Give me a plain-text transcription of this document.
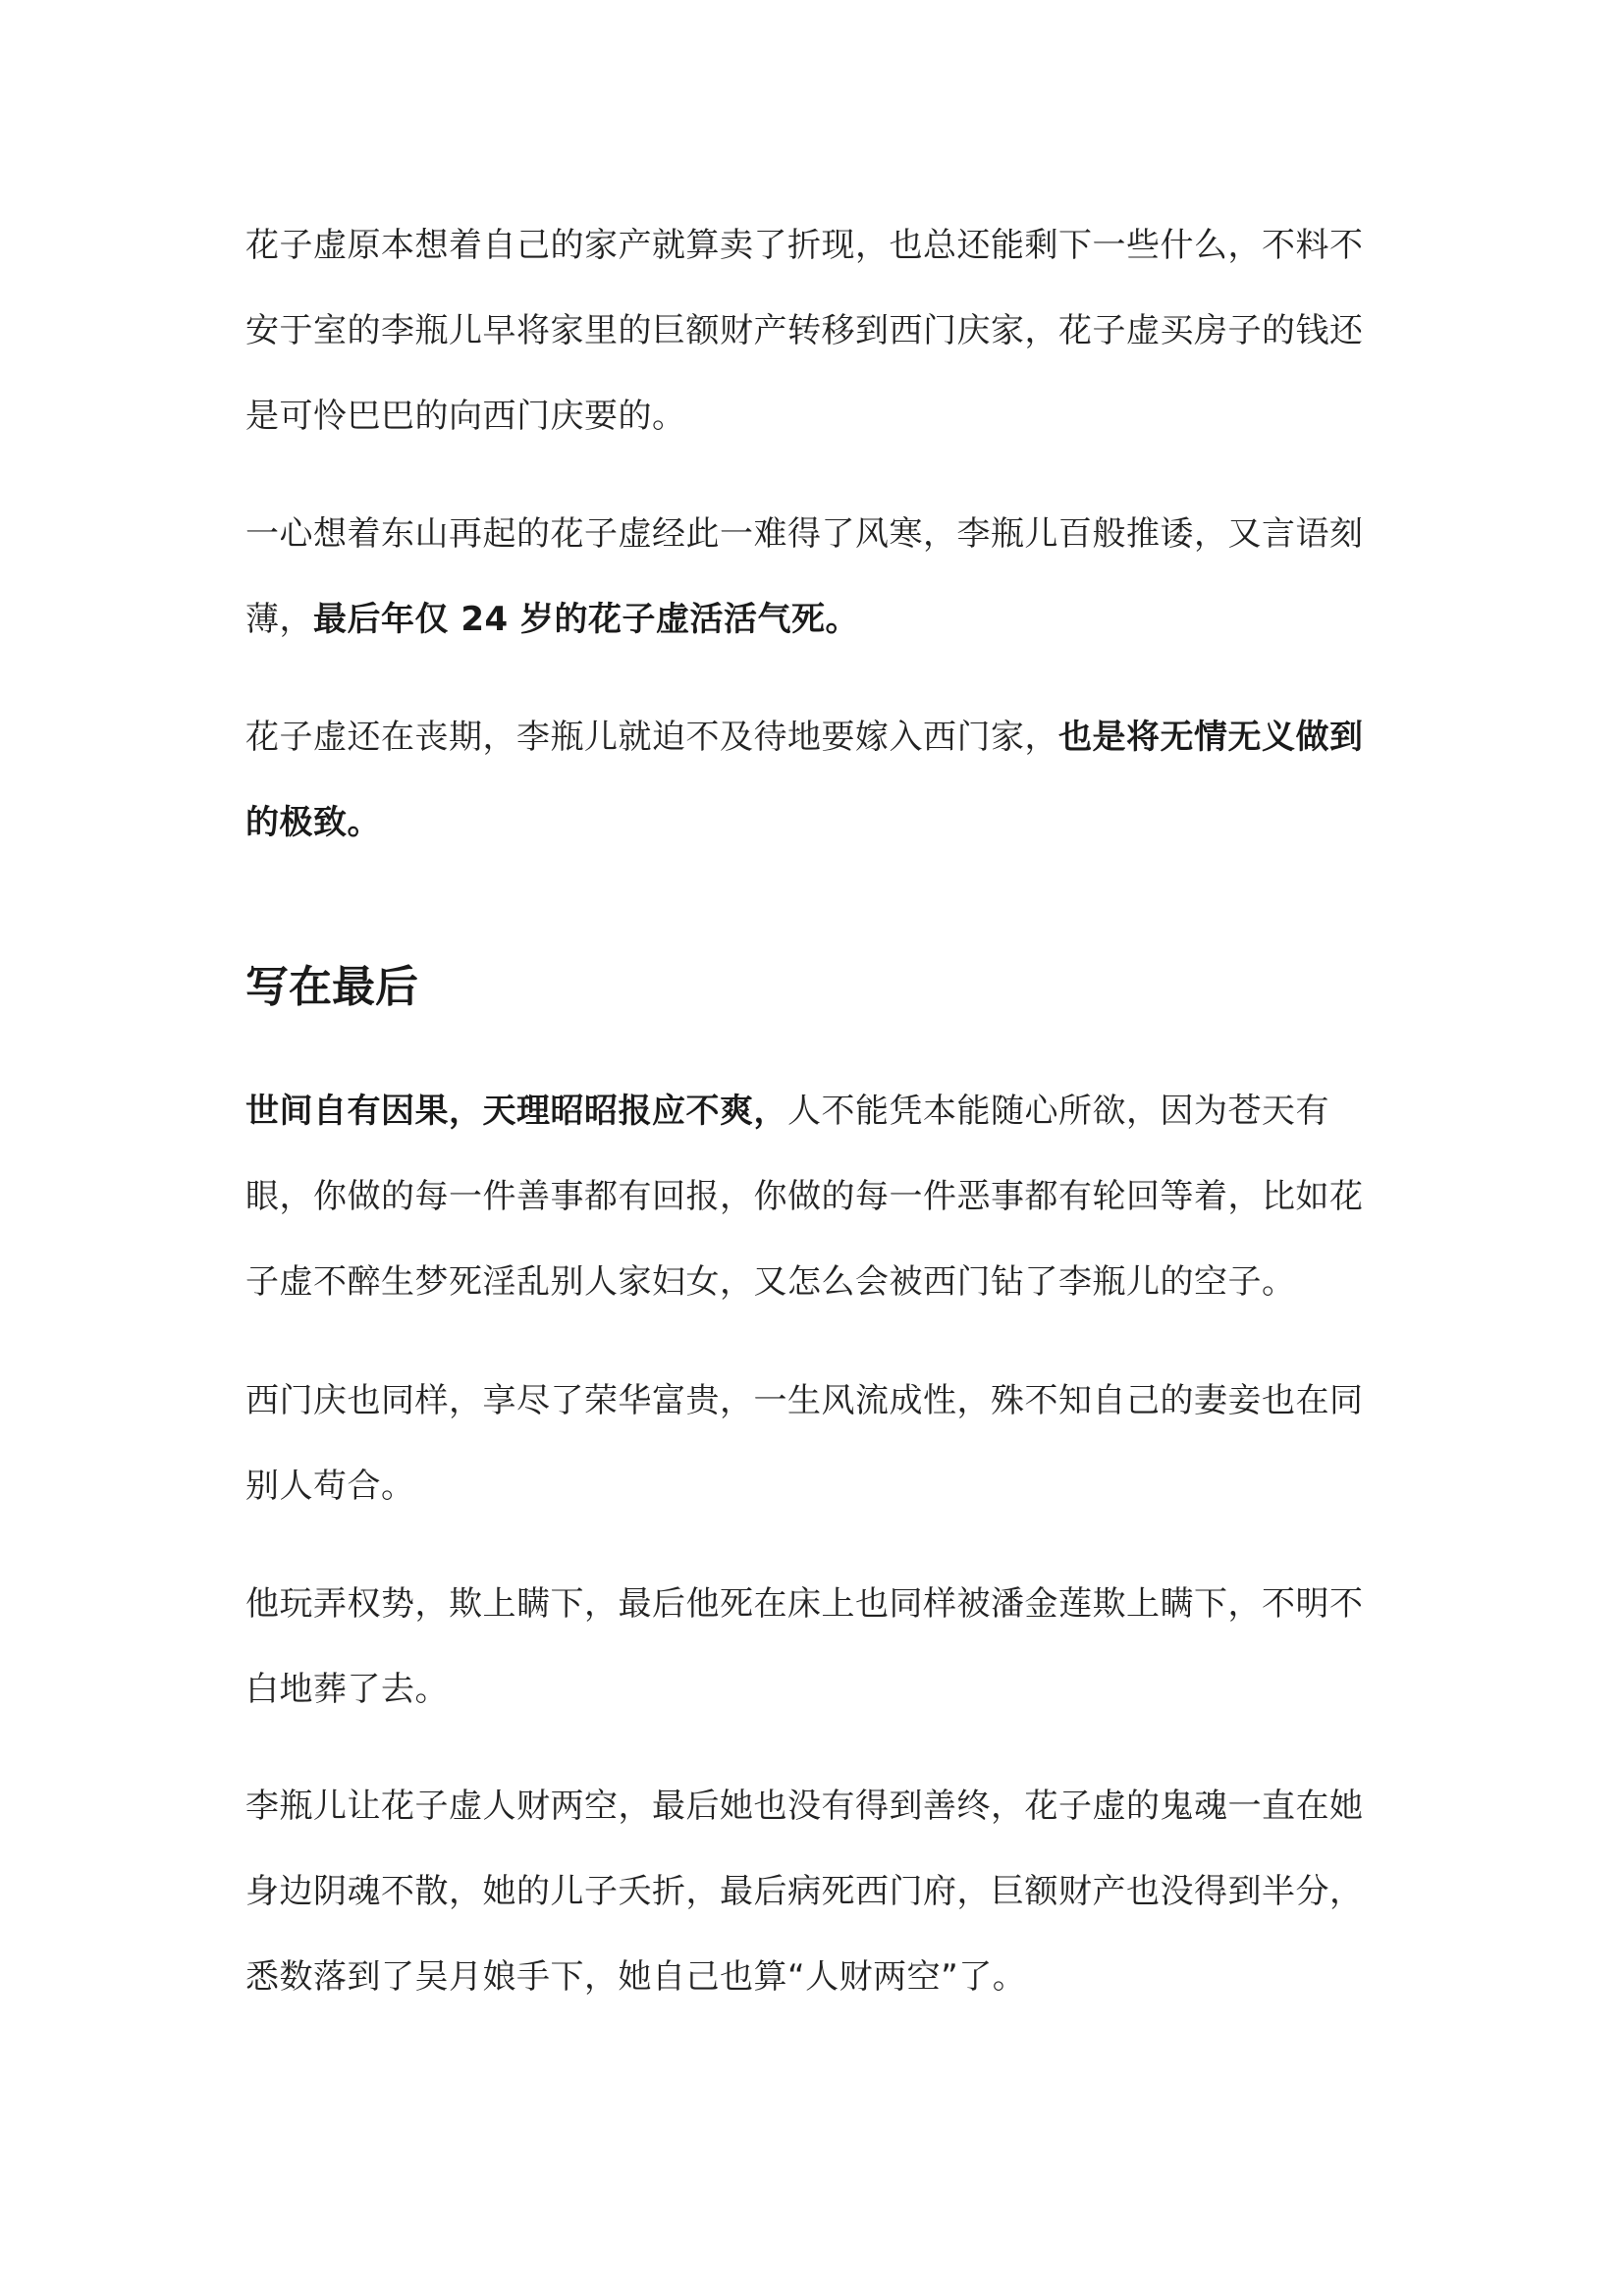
花子虚原本想着自己的家产就算卖了折现，也总还能剩下一些什么，不料不安于室的李瓶儿早将家里的巨额财产转移到西门庆家，花子虚买房子的钱还是可怜巴巴的向西门庆要的。

一心想着东山再起的花子虚经此一难得了风寒，李瓶儿百般推诿，又言语刻薄，最后年仅 24 岁的花子虚活活气死。

花子虚还在丧期，李瓶儿就迫不及待地要嫁入西门家，也是将无情无义做到的极致。

写在最后

世间自有因果，天理昭昭报应不爽，人不能凭本能随心所欲，因为苍天有眼，你做的每一件善事都有回报，你做的每一件恶事都有轮回等着，比如花子虚不醉生梦死淫乱别人家妇女，又怎么会被西门钻了李瓶儿的空子。

西门庆也同样，享尽了荣华富贵，一生风流成性，殊不知自己的妻妾也在同别人苟合。

他玩弄权势，欺上瞒下，最后他死在床上也同样被潘金莲欺上瞒下，不明不白地葬了去。

李瓶儿让花子虚人财两空，最后她也没有得到善终，花子虚的鬼魂一直在她身边阴魂不散，她的儿子夭折，最后病死西门府，巨额财产也没得到半分，悉数落到了吴月娘手下，她自己也算“人财两空”了。
